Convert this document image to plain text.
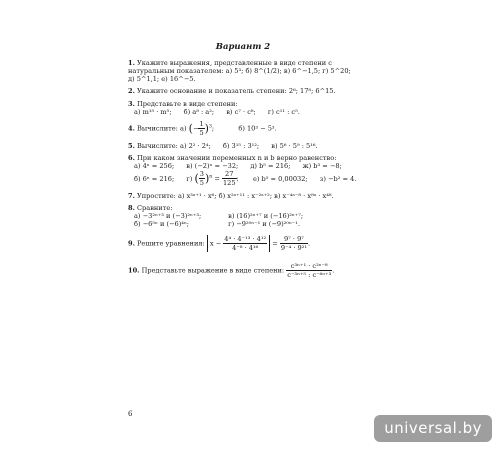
Вариант 2
1. Укажите выражения, представленные в виде степени с натуральным показателем: а) 5³; б) 8^(1/2); в) 6^−1,5; г) 5^20; д) 5^1,1; е) 16^−5.
2. Укажите основание и показатель степени: 2⁶; 17⁸; 6^15.
3. Представьте в виде степени:
а) m¹⁵ · m⁵; б) a⁸ : a²; в) c⁷ · c⁸; г) c¹¹ : c⁵.
4. Вычислите: а) (− $\frac{1}{5} )^3$;	б) 10³ − 5³.
5. Вычислите: а) 2² · 2⁴; б) 3¹⁵ : 3¹²; в) 5⁶ · 5⁹ : 5¹⁶.
6. При каком значении переменных n и b верно равенство:
а) 4ⁿ = 256; в) (−2)ⁿ = −32; д) b⁵ = 216; ж) b³ = −8;
б) 6ⁿ = 216; г) ( $\frac{3}{5} )^n = \frac{27}{125}$ ;  е) b⁵ = 0,00032; з) −b² = 4.
7. Упростите: а) x³ᵃ⁺¹ · x⁶; б) x²ᵃ⁺¹¹ : x⁻²ᵃ⁺²; в) x⁻⁴ᵃ⁻⁸ · x⁸ᵃ · x⁴⁸.
8. Сравните:
а) −3²ⁿ⁺³ и (−3)²ⁿ⁺³;	в) (16)²ⁿ⁺⁷ и (−16)²ⁿ⁺⁷;
б) −6⁵ⁿ и (−6)⁴ⁿ;	г) −9²⁰ⁿ⁻¹ и (−9)²⁰ⁿ⁻¹.
9. Решите уравнения: $x - \frac{\text{4⁴ · 4⁻¹³ · 4¹²}}{\text{4⁻⁸ · 4¹⁶}} = \frac{\text{9⁷ · 9⁷}}{\text{9⁻⁴ · 9²¹}}$ .
10. Представьте выражение в виде степени: $\frac{\text{c³ⁿ⁺¹ · c²ⁿ⁻⁸}}{\text{c⁻³ⁿ⁺⁵ : c⁻⁶ⁿ⁺³}}$ .
6
universal.by
